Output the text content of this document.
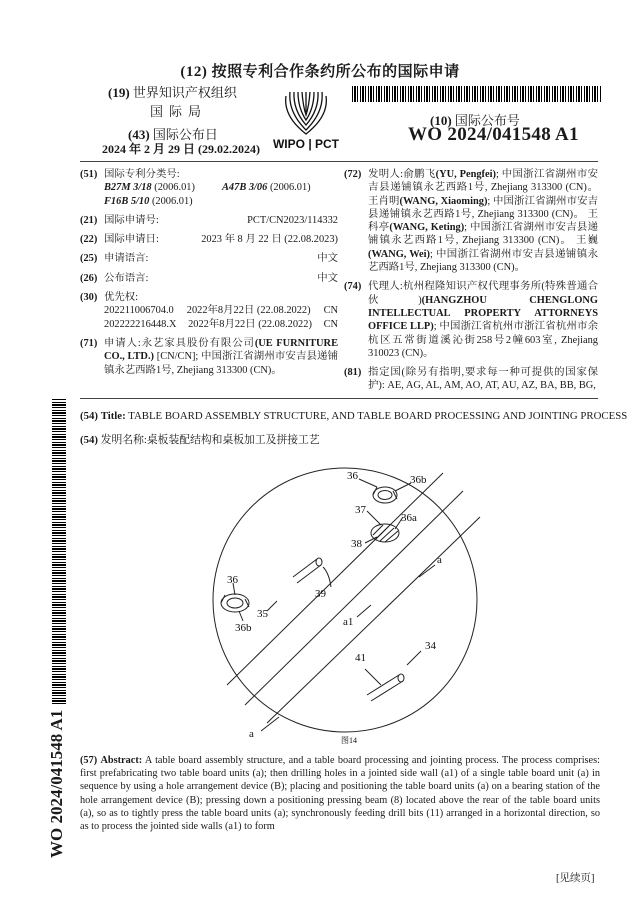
(12) 按照专利合作条约所公布的国际申请
(19) 世界知识产权组织
国际局
(43) 国际公布日
2024 年 2 月 29 日 (29.02.2024) WIPO | PCT
(10) 国际公布号
WO 2024/041548 A1
(51) 国际专利分类号:
B27M 3/18 (2006.01)	A47B 3/06 (2006.01)
F16B 5/10 (2006.01)
(21) 国际申请号:	PCT/CN2023/114332
(22) 国际申请日:	2023 年 8 月 22 日 (22.08.2023)
(25) 申请语言:	中文
(26) 公布语言:	中文
(30) 优先权:
202211006704.0 2022年8月22日 (22.08.2022) CN
202222216448.X 2022年8月22日 (22.08.2022) CN
(71) 申请人:永艺家具股份有限公司(UE FURNITURE CO., LTD.) [CN/CN]; 中国浙江省湖州市安吉县递铺镇永艺西路1号, Zhejiang 313300 (CN)。
(72) 发明人:俞鹏飞(YU, Pengfei); 中国浙江省湖州市安吉县递铺镇永艺西路1号, Zhejiang 313300 (CN)。 王肖明(WANG, Xiaoming); 中国浙江省湖州市安吉县递铺镇永艺西路1号, Zhejiang 313300 (CN)。 王科亭(WANG, Keting); 中国浙江省湖州市安吉县递铺镇永艺西路1号, Zhejiang 313300 (CN)。 王巍(WANG, Wei); 中国浙江省湖州市安吉县递铺镇永艺西路1号, Zhejiang 313300 (CN)。
(74) 代理人:杭州程隆知识产权代理事务所(特殊普通合伙)(HANGZHOU CHENGLONG INTELLECTUAL PROPERTY ATTORNEYS OFFICE LLP); 中国浙江省杭州市浙江省杭州市余杭区五常街道溪沁街258号2幢603室, Zhejiang 310023 (CN)。
(81) 指定国(除另有指明,要求每一种可提供的国家保护): AE, AG, AL, AM, AO, AT, AU, AZ, BA, BB, BG,
WO 2024/041548 A1
(54) Title: TABLE BOARD ASSEMBLY STRUCTURE, AND TABLE BOARD PROCESSING AND JOINTING PROCESS
(54) 发明名称:桌板装配结构和桌板加工及拼接工艺
36	36b
37
36a
38
a
39
36
36b
35
a1
41
34
a
图14
(57) Abstract: A table board assembly structure, and a table board processing and jointing process. The process comprises: first prefabricating two table board units (a); then drilling holes in a jointed side wall (a1) of a single table board unit (a) in sequence by using a hole arrangement device (B); placing and positioning the table board units (a) on a bearing station of the hole arrangement device (B); pressing down a positioning pressing beam (8) located above the rear of the table board units (a), so as to tightly press the table board units (a); synchronously feeding drill bits (11) arranged in a horizontal direction, so as to process the jointed side walls (a1) to form
[见续页]
